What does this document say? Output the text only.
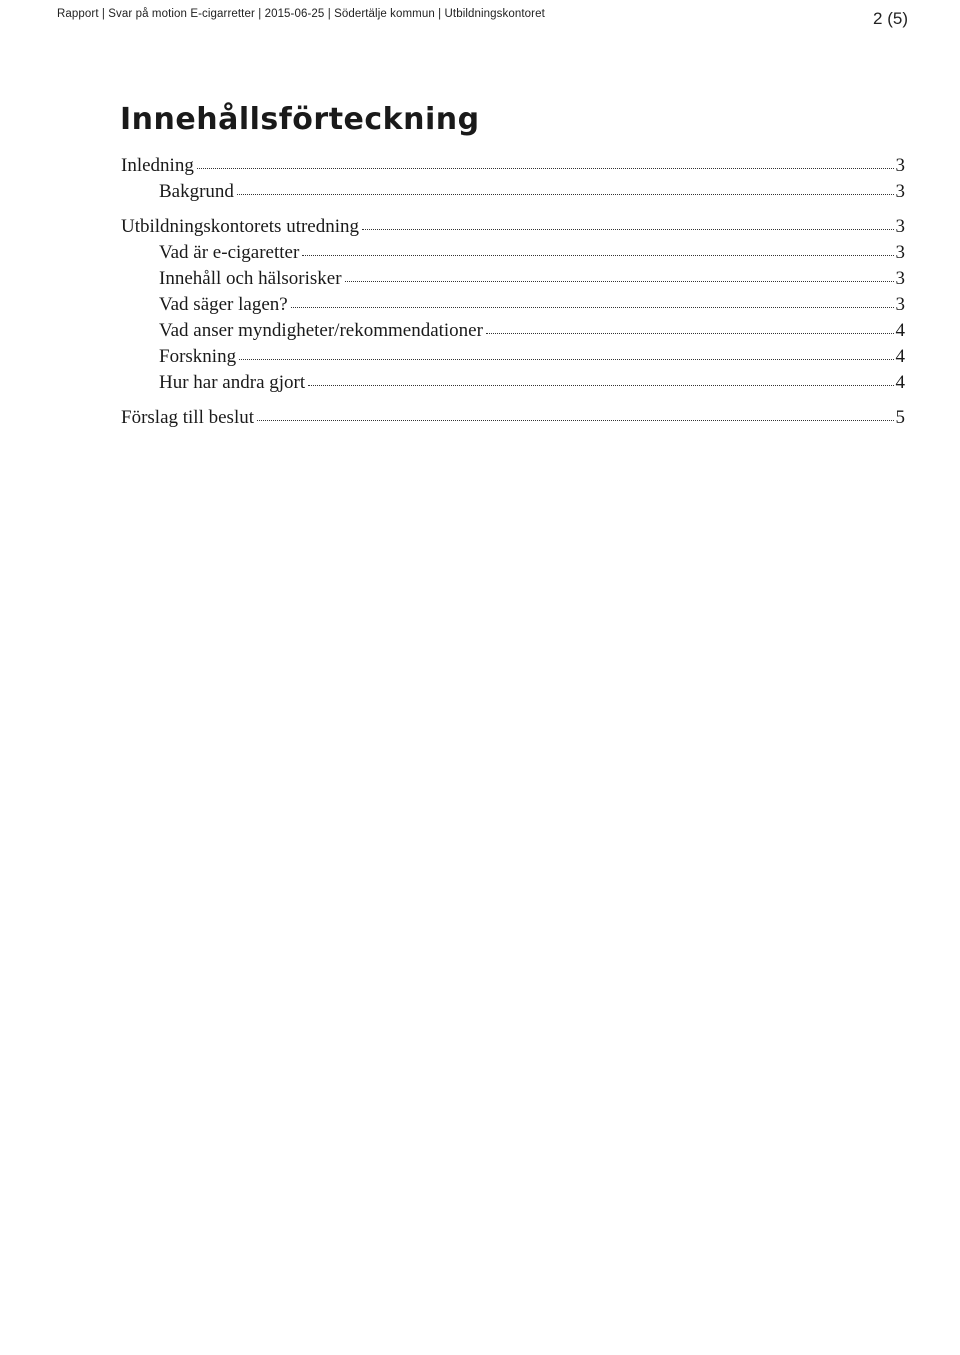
Rapport | Svar på motion E-cigarretter | 2015-06-25 | Södertälje kommun | Utbildningskontoret	2 (5)
Innehållsförteckning
Inledning	3
Bakgrund	3
Utbildningskontorets utredning	3
Vad är e-cigaretter	3
Innehåll och hälsorisker	3
Vad säger lagen?	3
Vad anser myndigheter/rekommendationer	4
Forskning	4
Hur har andra gjort	4
Förslag till beslut	5
